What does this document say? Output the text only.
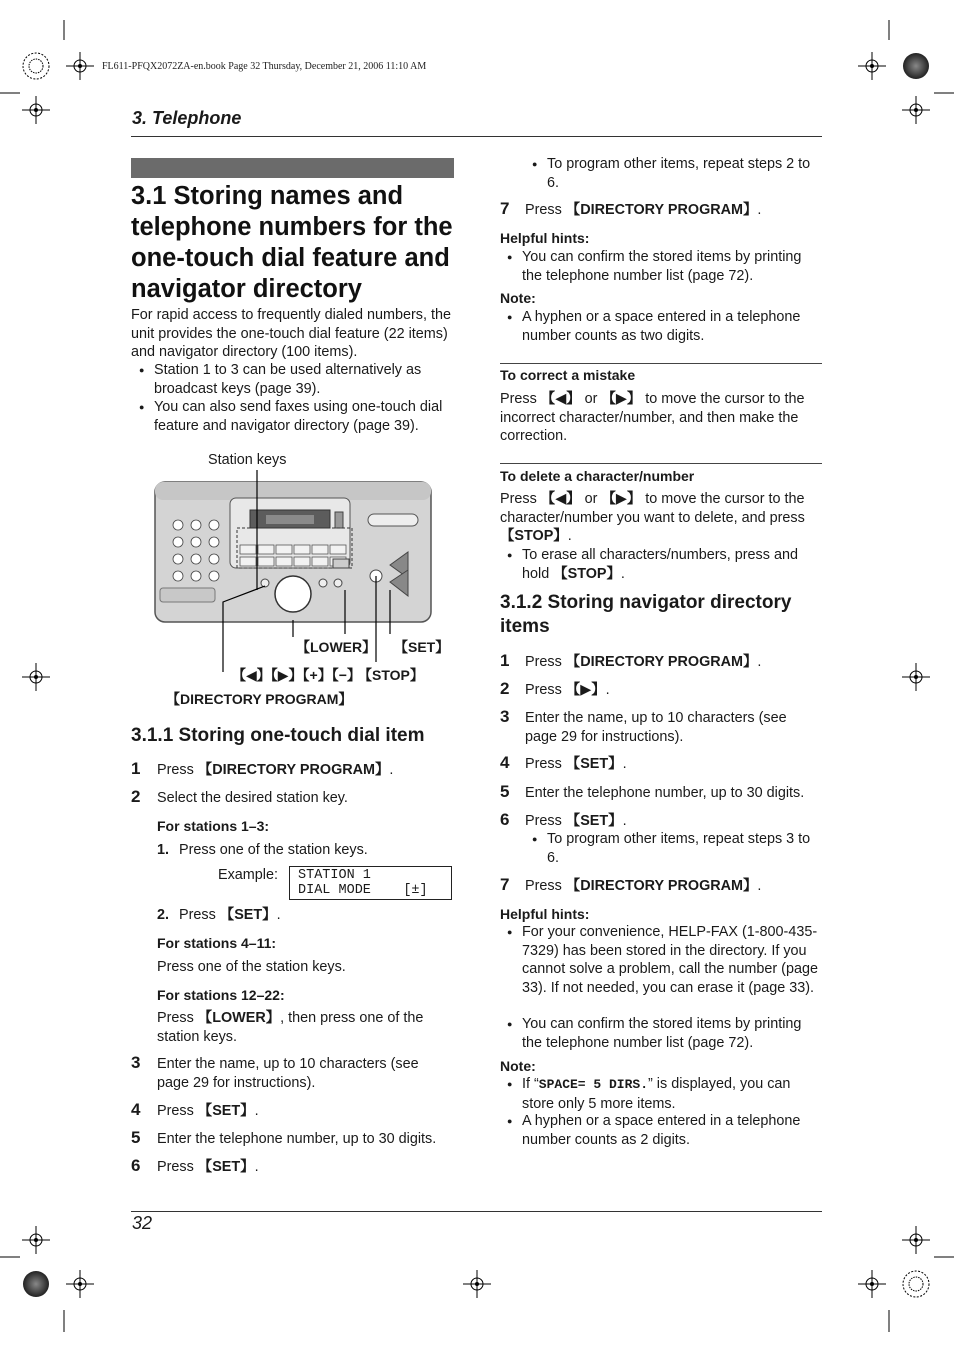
FL611-PFQX2072ZA-en.book Page 32 Thursday, December 21, 2006 11:10 AM
3. Telephone
3.1 Storing names and telephone numbers for the one-touch dial feature and navigator directory
For rapid access to frequently dialed numbers, the unit provides the one-touch dial feature (22 items) and navigator directory (100 items).
● Station 1 to 3 can be used alternatively as broadcast keys (page 39).
● You can also send faxes using one-touch dial feature and navigator directory (page 39).
Station keys
【LOWER】 【SET】
【◀】【▶】【+】【−】
【STOP】
【DIRECTORY PROGRAM】
3.1.1 Storing one-touch dial item
1 Press 【DIRECTORY PROGRAM】.
2 Select the desired station key.
For stations 1–3:
1. Press one of the station keys.
Example:	STATION 1
DIAL MODE    [±]
2. Press 【SET】.
For stations 4–11:
Press one of the station keys.
For stations 12–22:
Press 【LOWER】, then press one of the station keys.
3 Enter the name, up to 10 characters (see page 29 for instructions).
4 Press 【SET】.
5 Enter the telephone number, up to 30 digits.
6 Press 【SET】.
● To program other items, repeat steps 2 to 6.
7 Press 【DIRECTORY PROGRAM】.
Helpful hints:
● You can confirm the stored items by printing the telephone number list (page 72).
Note:
● A hyphen or a space entered in a telephone number counts as two digits.
To correct a mistake
Press 【◀】 or 【▶】 to move the cursor to the incorrect character/number, and then make the correction.
To delete a character/number
Press 【◀】 or 【▶】 to move the cursor to the character/number you want to delete, and press 【STOP】.
● To erase all characters/numbers, press and hold 【STOP】.
3.1.2 Storing navigator directory items
1 Press 【DIRECTORY PROGRAM】.
2 Press 【▶】.
3 Enter the name, up to 10 characters (see page 29 for instructions).
4 Press 【SET】.
5 Enter the telephone number, up to 30 digits.
6 Press 【SET】.
● To program other items, repeat steps 3 to 6.
7 Press 【DIRECTORY PROGRAM】.
Helpful hints:
● For your convenience, HELP-FAX (1-800-435-7329) has been stored in the directory. If you cannot solve a problem, call the number (page 33). If not needed, you can erase it (page 33).
● You can confirm the stored items by printing the telephone number list (page 72).
Note:
● If “SPACE= 5 DIRS.” is displayed, you can store only 5 more items.
● A hyphen or a space entered in a telephone number counts as 2 digits.
32
